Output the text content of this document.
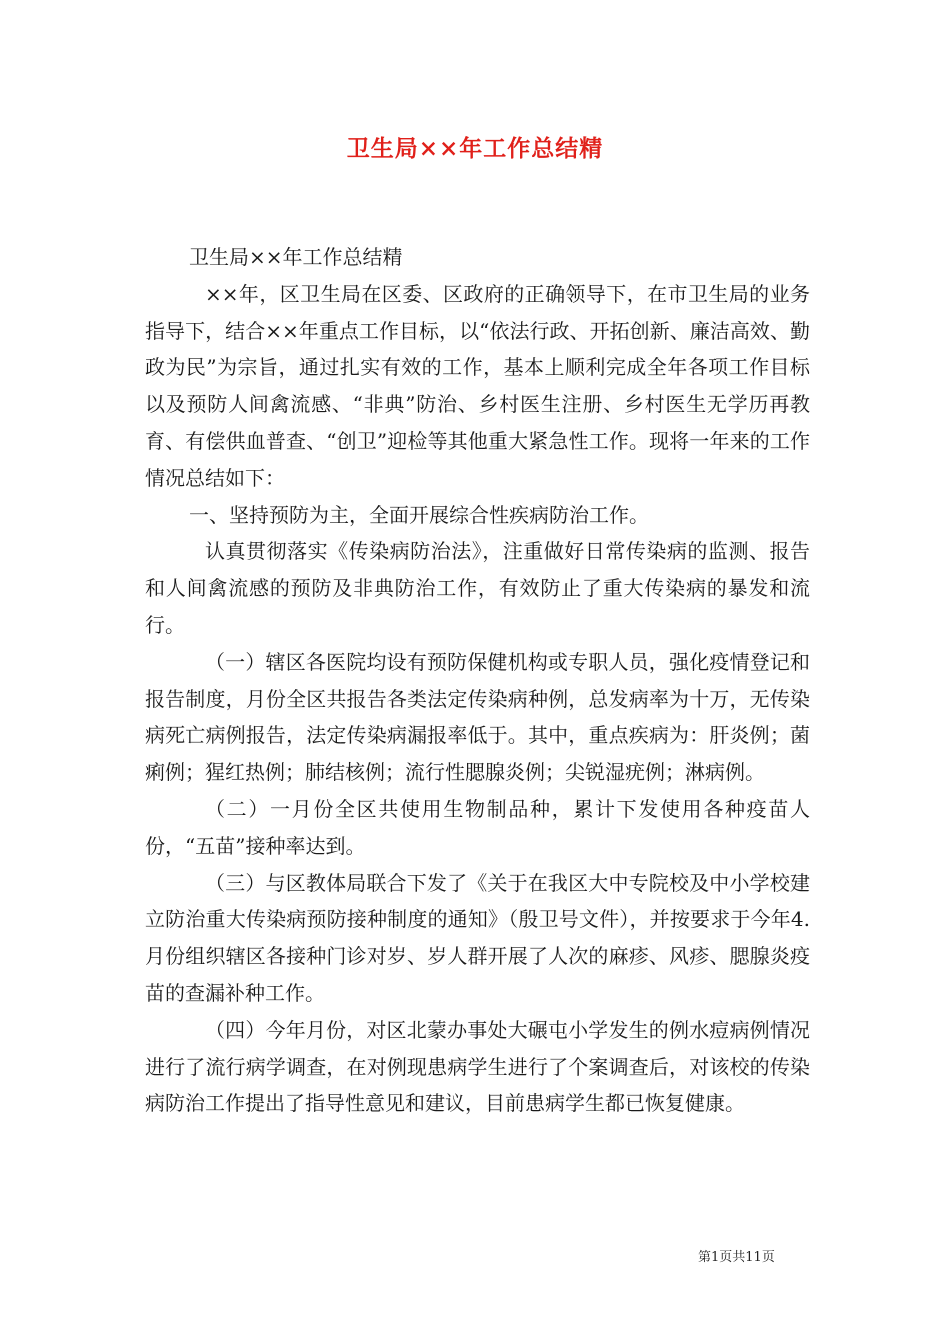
卫生局××年工作总结精

卫生局××年工作总结精

××年，区卫生局在区委、区政府的正确领导下，在市卫生局的业务指导下，结合××年重点工作目标，以“依法行政、开拓创新、廉洁高效、勤政为民”为宗旨，通过扎实有效的工作，基本上顺利完成全年各项工作目标以及预防人间禽流感、“非典”防治、乡村医生注册、乡村医生无学历再教育、有偿供血普查、“创卫”迎检等其他重大紧急性工作。现将一年来的工作情况总结如下：

一、坚持预防为主，全面开展综合性疾病防治工作。

认真贯彻落实《传染病防治法》，注重做好日常传染病的监测、报告和人间禽流感的预防及非典防治工作，有效防止了重大传染病的暴发和流行。

（一）辖区各医院均设有预防保健机构或专职人员，强化疫情登记和报告制度，月份全区共报告各类法定传染病种例，总发病率为十万，无传染病死亡病例报告，法定传染病漏报率低于。其中，重点疾病为：肝炎例；菌痢例；猩红热例；肺结核例；流行性腮腺炎例；尖锐湿疣例；淋病例。

（二）一月份全区共使用生物制品种，累计下发使用各种疫苗人份，“五苗”接种率达到。

（三）与区教体局联合下发了《关于在我区大中专院校及中小学校建立防治重大传染病预防接种制度的通知》（殷卫号文件），并按要求于今年4.月份组织辖区各接种门诊对岁、岁人群开展了人次的麻疹、风疹、腮腺炎疫苗的查漏补种工作。

（四）今年月份，对区北蒙办事处大碾屯小学发生的例水痘病例情况进行了流行病学调查，在对例现患病学生进行了个案调查后，对该校的传染病防治工作提出了指导性意见和建议，目前患病学生都已恢复健康。

第1页共11页
